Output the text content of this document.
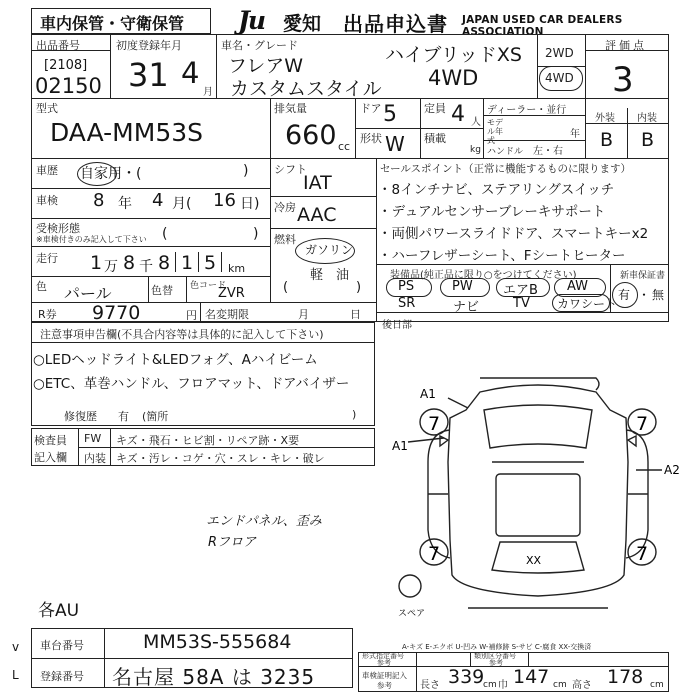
車内保管・守衛保管 Ju 愛知 出品申込書 JAPAN USED CAR DEALERS ASSOCIATION
出品番号
[2108]
02150
初度登録年月
31 4
月
車名・グレード
フレアW
カスタムスタイル
ハイブリッドXS
4WD
2WD
4WD
評価点
3
型式
DAA-MM53S
排気量
660 cc
ドア 5
形状 W
定員 4 人
積載
kg
ディーラー・並行
モデル年式
年
ハンドル 左・右
外装 内装
B B
車歴 自家用・(	)
車検 8 年 4 月( 16 日)
受検形態
※車検付きのみ記入して下さい (	)
走行 1 万 8 千 8 1 5 km
色 パール	色替 色コード
ZVR
シフト
IAT
冷房 AAC
燃料
ガソリン
軽　油
(	)
セールスポイント（正常に機能するものに限ります）
・8インチナビ、ステアリングスイッチ
・デュアルセンサーブレーキサポート
・両側パワースライドドア、スマートキーx2
・ハーフレザーシート、Fシートヒーター
装備品(純正品に限り○をつけてください)	新車保証書
PS	PW エアB AW
SR	ナビ	TV カワシート
有 ・ 無
R券 9770	円 名変期限	月	日
注意事項申告欄(不具合内容等は具体的に記入して下さい)
○LEDヘッドライト&LEDフォグ、Aハイビーム
○ETC、革巻ハンドル、フロアマット、ドアバイザー
修復歴 有 (箇所	)
後日部
検査員
記入欄
FW キズ・飛石・ヒビ割・リペア跡・X要
内装 キズ・汚レ・コゲ・穴・スレ・キレ・破レ
エンドパネル、歪み
Rフロア
各AU
A1
A1
A2
7	7
7	7
XX
スペア
A-キズ E-エクボ U-凹み W-補修跡 S-サビ C-腐食 XX-交換済
車台番号	MM53S-555684
登録番号 名古屋 58A は 3235
v
L
形式指定番号
参考
類別区分番号
参考
車検証明記入
参考	長さ 339
cm 巾 147 cm 高さ 178 cm
